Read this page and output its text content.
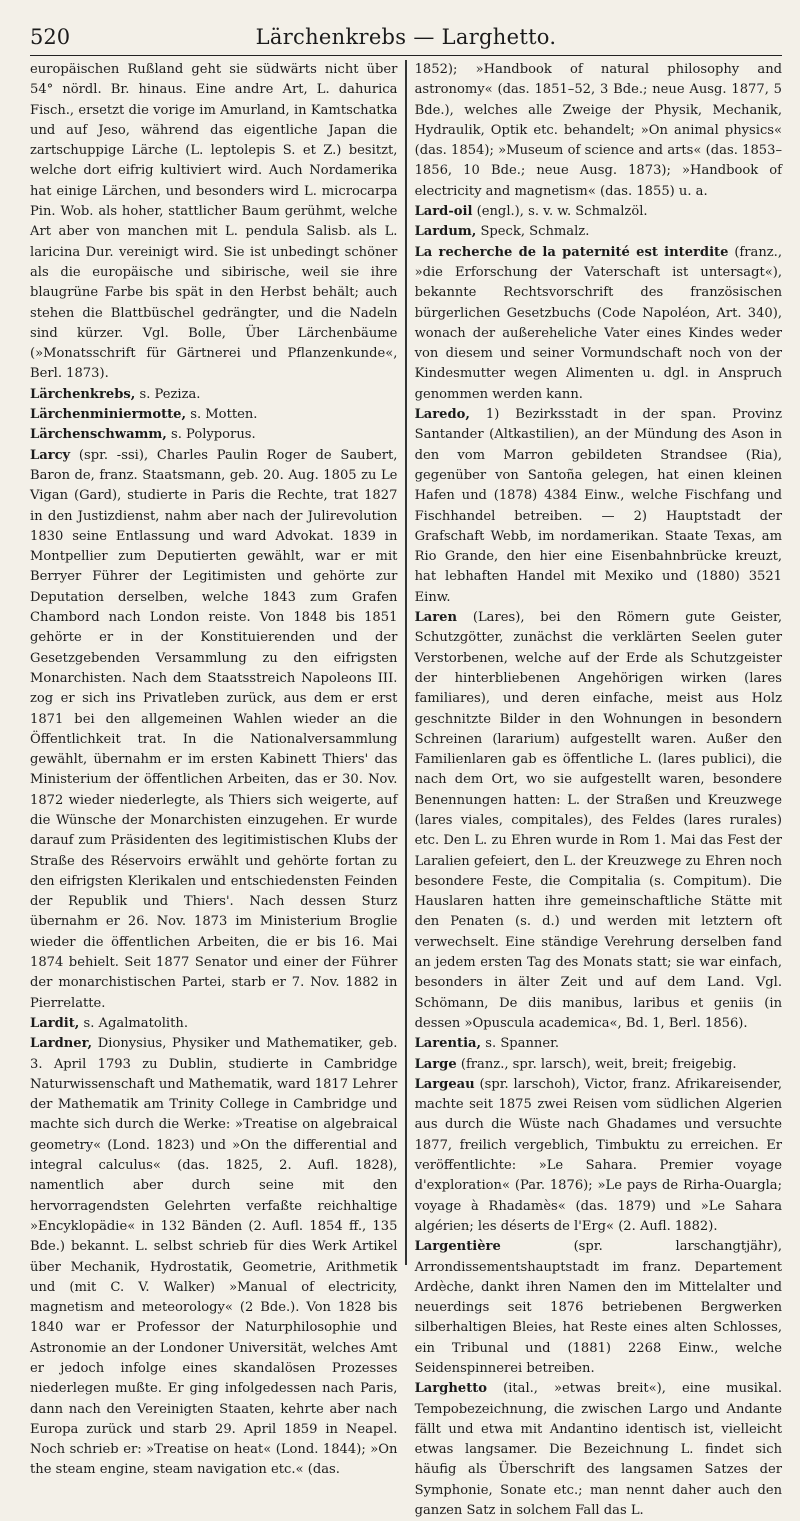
520	Lärchenkrebs — Larghetto.
europäischen Rußland geht sie südwärts nicht über 54° nördl. Br. hinaus. Eine andre Art, L. dahurica Fisch., ersetzt die vorige im Amurland, in Kamtschatka und auf Jeso, während das eigentliche Japan die zartschuppige Lärche (L. leptolepis S. et Z.) besitzt, welche dort eifrig kultiviert wird. Auch Nordamerika hat einige Lärchen, und besonders wird L. microcarpa Pin. Wob. als hoher, stattlicher Baum gerühmt, welche Art aber von manchen mit L. pendula Salisb. als L. laricina Dur. vereinigt wird. Sie ist unbedingt schöner als die europäische und sibirische, weil sie ihre blaugrüne Farbe bis spät in den Herbst behält; auch stehen die Blattbüschel gedrängter, und die Nadeln sind kürzer. Vgl. Bolle, Über Lärchenbäume (»Monatsschrift für Gärtnerei und Pflanzenkunde«, Berl. 1873).
Lärchenkrebs, s. Peziza.
Lärchenminiermotte, s. Motten.
Lärchenschwamm, s. Polyporus.
Larcy (spr. -ssi), Charles Paulin Roger de Saubert, Baron de, franz. Staatsmann, geb. 20. Aug. 1805 zu Le Vigan (Gard), studierte in Paris die Rechte, trat 1827 in den Justizdienst, nahm aber nach der Julirevolution 1830 seine Entlassung und ward Advokat. 1839 in Montpellier zum Deputierten gewählt, war er mit Berryer Führer der Legitimisten und gehörte zur Deputation derselben, welche 1843 zum Grafen Chambord nach London reiste. Von 1848 bis 1851 gehörte er in der Konstituierenden und der Gesetzgebenden Versammlung zu den eifrigsten Monarchisten. Nach dem Staatsstreich Napoleons III. zog er sich ins Privatleben zurück, aus dem er erst 1871 bei den allgemeinen Wahlen wieder an die Öffentlichkeit trat. In die Nationalversammlung gewählt, übernahm er im ersten Kabinett Thiers' das Ministerium der öffentlichen Arbeiten, das er 30. Nov. 1872 wieder niederlegte, als Thiers sich weigerte, auf die Wünsche der Monarchisten einzugehen. Er wurde darauf zum Präsidenten des legitimistischen Klubs der Straße des Réservoirs erwählt und gehörte fortan zu den eifrigsten Klerikalen und entschiedensten Feinden der Republik und Thiers'. Nach dessen Sturz übernahm er 26. Nov. 1873 im Ministerium Broglie wieder die öffentlichen Arbeiten, die er bis 16. Mai 1874 behielt. Seit 1877 Senator und einer der Führer der monarchistischen Partei, starb er 7. Nov. 1882 in Pierrelatte.
Lardit, s. Agalmatolith.
Lardner, Dionysius, Physiker und Mathematiker, geb. 3. April 1793 zu Dublin, studierte in Cambridge Naturwissenschaft und Mathematik, ward 1817 Lehrer der Mathematik am Trinity College in Cambridge und machte sich durch die Werke: »Treatise on algebraical geometry« (Lond. 1823) und »On the differential and integral calculus« (das. 1825, 2. Aufl. 1828), namentlich aber durch seine mit den hervorragendsten Gelehrten verfaßte reichhaltige »Encyklopädie« in 132 Bänden (2. Aufl. 1854 ff., 135 Bde.) bekannt. L. selbst schrieb für dies Werk Artikel über Mechanik, Hydrostatik, Geometrie, Arithmetik und (mit C. V. Walker) »Manual of electricity, magnetism and meteorology« (2 Bde.). Von 1828 bis 1840 war er Professor der Naturphilosophie und Astronomie an der Londoner Universität, welches Amt er jedoch infolge eines skandalösen Prozesses niederlegen mußte. Er ging infolgedessen nach Paris, dann nach den Vereinigten Staaten, kehrte aber nach Europa zurück und starb 29. April 1859 in Neapel. Noch schrieb er: »Treatise on heat« (Lond. 1844); »On the steam engine, steam navigation etc.« (das.
1852); »Handbook of natural philosophy and astronomy« (das. 1851–52, 3 Bde.; neue Ausg. 1877, 5 Bde.), welches alle Zweige der Physik, Mechanik, Hydraulik, Optik etc. behandelt; »On animal physics« (das. 1854); »Museum of science and arts« (das. 1853–1856, 10 Bde.; neue Ausg. 1873); »Handbook of electricity and magnetism« (das. 1855) u. a.
Lard-oil (engl.), s. v. w. Schmalzöl.
Lardum, Speck, Schmalz.
La recherche de la paternité est interdite (franz., »die Erforschung der Vaterschaft ist untersagt«), bekannte Rechtsvorschrift des französischen bürgerlichen Gesetzbuchs (Code Napoléon, Art. 340), wonach der außereheliche Vater eines Kindes weder von diesem und seiner Vormundschaft noch von der Kindesmutter wegen Alimenten u. dgl. in Anspruch genommen werden kann.
Laredo, 1) Bezirksstadt in der span. Provinz Santander (Altkastilien), an der Mündung des Ason in den vom Marron gebildeten Strandsee (Ria), gegenüber von Santoña gelegen, hat einen kleinen Hafen und (1878) 4384 Einw., welche Fischfang und Fischhandel betreiben. — 2) Hauptstadt der Grafschaft Webb, im nordamerikan. Staate Texas, am Rio Grande, den hier eine Eisenbahnbrücke kreuzt, hat lebhaften Handel mit Mexiko und (1880) 3521 Einw.
Laren (Lares), bei den Römern gute Geister, Schutzgötter, zunächst die verklärten Seelen guter Verstorbenen, welche auf der Erde als Schutzgeister der hinterbliebenen Angehörigen wirken (lares familiares), und deren einfache, meist aus Holz geschnitzte Bilder in den Wohnungen in besondern Schreinen (lararium) aufgestellt waren. Außer den Familienlaren gab es öffentliche L. (lares publici), die nach dem Ort, wo sie aufgestellt waren, besondere Benennungen hatten: L. der Straßen und Kreuzwege (lares viales, compitales), des Feldes (lares rurales) etc. Den L. zu Ehren wurde in Rom 1. Mai das Fest der Laralien gefeiert, den L. der Kreuzwege zu Ehren noch besondere Feste, die Compitalia (s. Compitum). Die Hauslaren hatten ihre gemeinschaftliche Stätte mit den Penaten (s. d.) und werden mit letztern oft verwechselt. Eine ständige Verehrung derselben fand an jedem ersten Tag des Monats statt; sie war einfach, besonders in älter Zeit und auf dem Land. Vgl. Schömann, De diis manibus, laribus et geniis (in dessen »Opuscula academica«, Bd. 1, Berl. 1856).
Larentia, s. Spanner.
Large (franz., spr. larsch), weit, breit; freigebig.
Largeau (spr. larschoh), Victor, franz. Afrikareisender, machte seit 1875 zwei Reisen vom südlichen Algerien aus durch die Wüste nach Ghadames und versuchte 1877, freilich vergeblich, Timbuktu zu erreichen. Er veröffentlichte: »Le Sahara. Premier voyage d'exploration« (Par. 1876); »Le pays de Rirha-Ouargla; voyage à Rhadamès« (das. 1879) und »Le Sahara algérien; les déserts de l'Erg« (2. Aufl. 1882).
Largentière	(spr. larschangtjähr), Arrondissementshauptstadt im franz. Departement Ardèche, dankt ihren Namen den im Mittelalter und neuerdings seit 1876 betriebenen Bergwerken silberhaltigen Bleies, hat Reste eines alten Schlosses, ein Tribunal und (1881) 2268 Einw., welche Seidenspinnerei betreiben.
Larghetto (ital., »etwas breit«), eine musikal. Tempobezeichnung, die zwischen Largo und Andante fällt und etwa mit Andantino identisch ist, vielleicht etwas langsamer. Die Bezeichnung L. findet sich häufig als Überschrift des langsamen Satzes der Symphonie, Sonate etc.; man nennt daher auch den ganzen Satz in solchem Fall das L.
